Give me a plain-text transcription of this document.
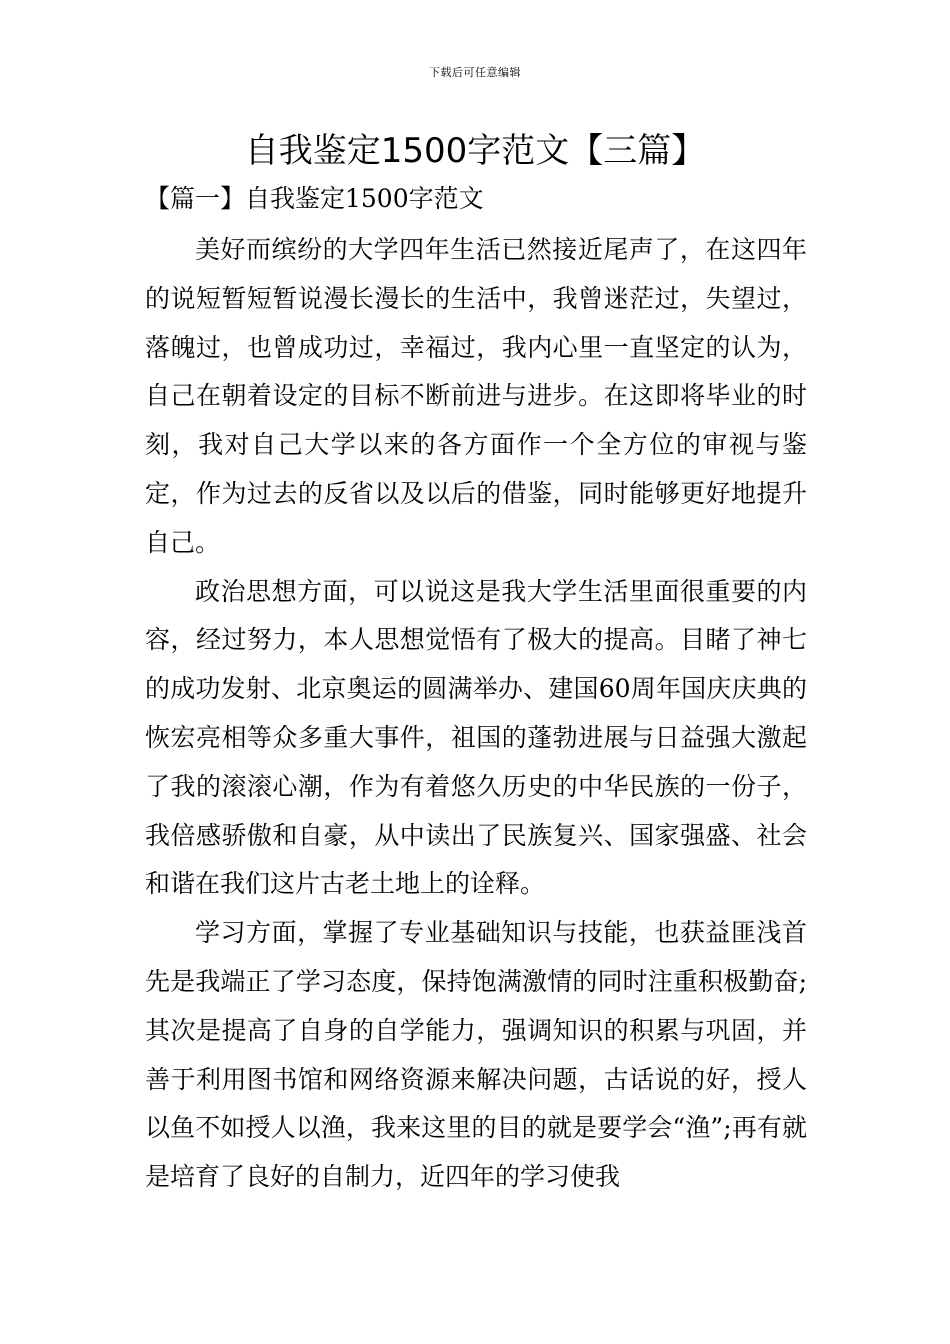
下载后可任意编辑
自我鉴定1500字范文【三篇】
【篇一】自我鉴定1500字范文

美好而缤纷的大学四年生活已然接近尾声了，在这四年的说短暂短暂说漫长漫长的生活中，我曾迷茫过，失望过，落魄过，也曾成功过，幸福过，我内心里一直坚定的认为，自己在朝着设定的目标不断前进与进步。在这即将毕业的时刻，我对自己大学以来的各方面作一个全方位的审视与鉴定，作为过去的反省以及以后的借鉴，同时能够更好地提升自己。

政治思想方面，可以说这是我大学生活里面很重要的内容，经过努力，本人思想觉悟有了极大的提高。目睹了神七的成功发射、北京奥运的圆满举办、建国60周年国庆庆典的恢宏亮相等众多重大事件，祖国的蓬勃进展与日益强大激起了我的滚滚心潮，作为有着悠久历史的中华民族的一份子，我倍感骄傲和自豪，从中读出了民族复兴、国家强盛、社会和谐在我们这片古老土地上的诠释。

学习方面，掌握了专业基础知识与技能，也获益匪浅首先是我端正了学习态度，保持饱满激情的同时注重积极勤奋;其次是提高了自身的自学能力，强调知识的积累与巩固，并善于利用图书馆和网络资源来解决问题，古话说的好，授人以鱼不如授人以渔，我来这里的目的就是要学会“渔”;再有就是培育了良好的自制力，近四年的学习使我
